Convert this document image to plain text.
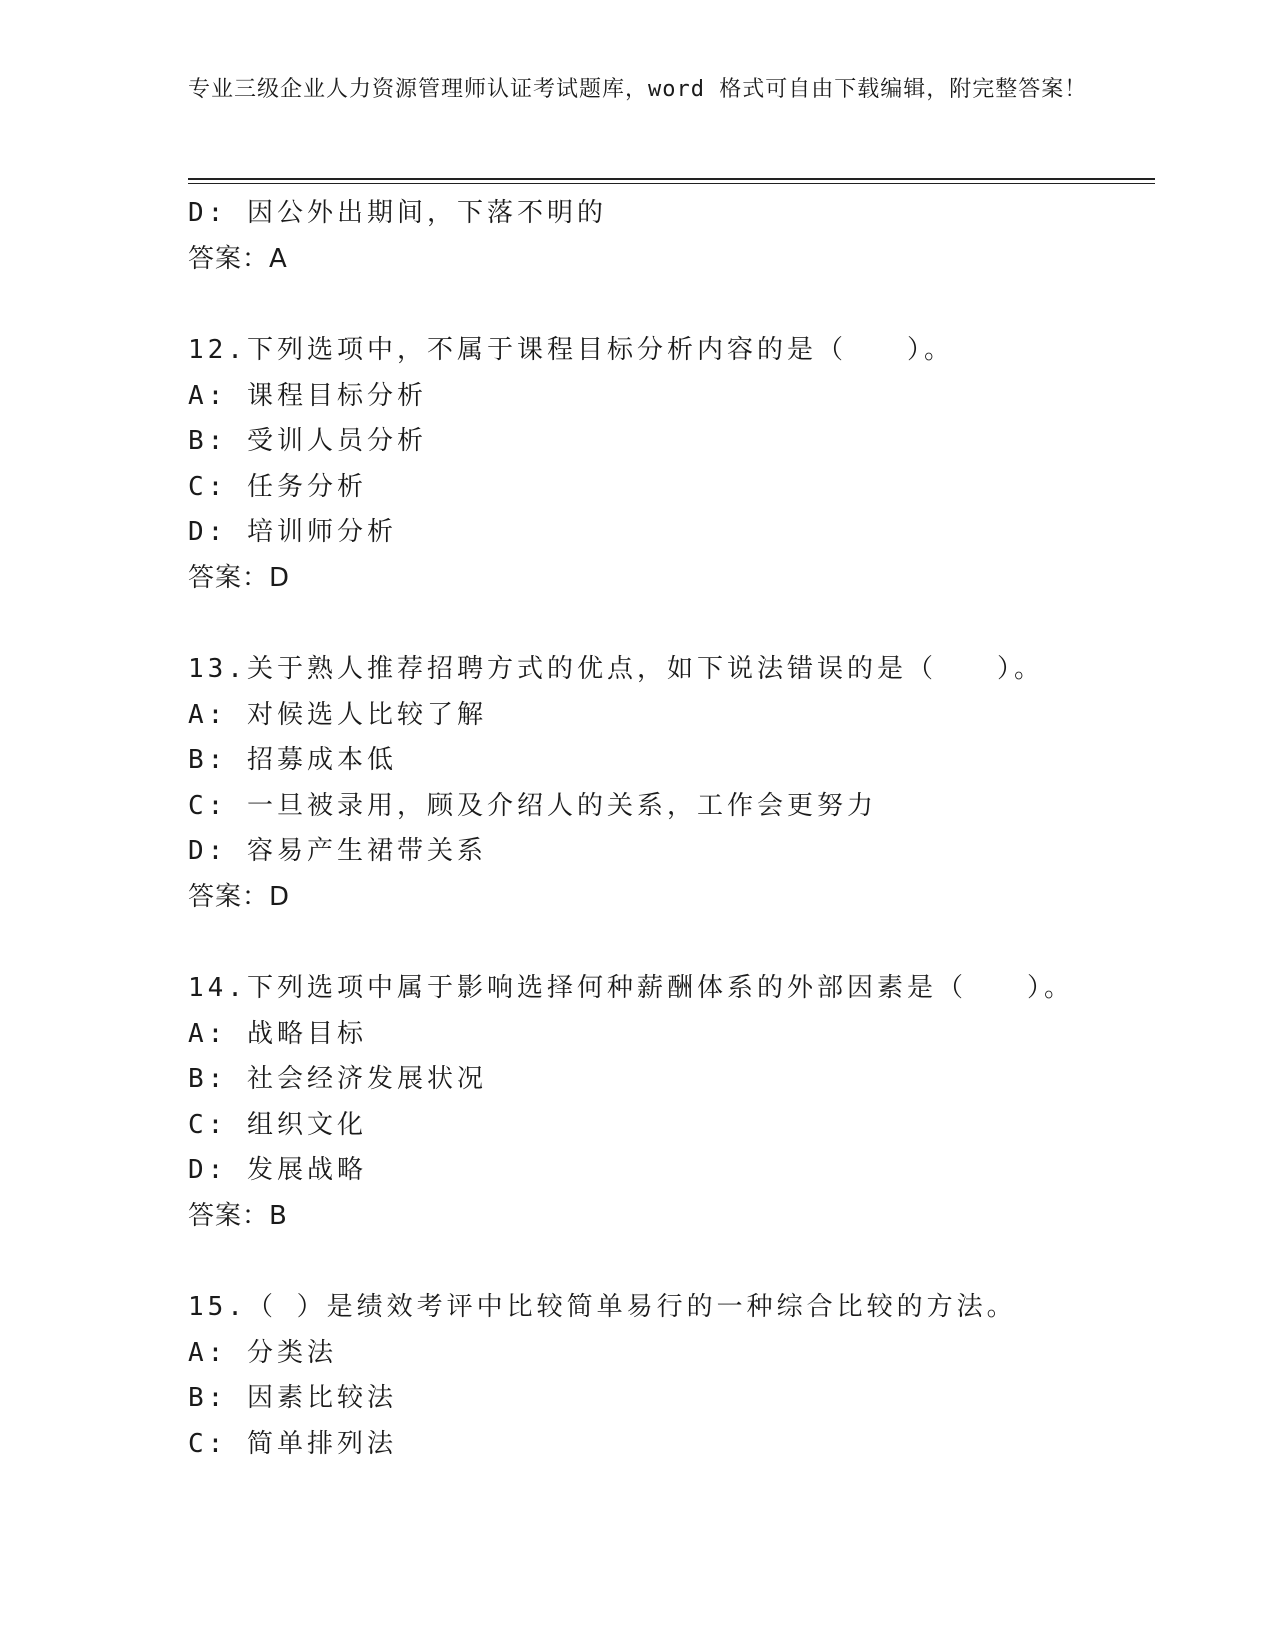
专业三级企业人力资源管理师认证考试题库，word 格式可自由下载编辑，附完整答案！
D: 因公外出期间，下落不明的
答案：A
12.下列选项中，不属于课程目标分析内容的是（　　）。
A: 课程目标分析
B: 受训人员分析
C: 任务分析
D: 培训师分析
答案：D
13.关于熟人推荐招聘方式的优点，如下说法错误的是（　　）。
A: 对候选人比较了解
B: 招募成本低
C: 一旦被录用，顾及介绍人的关系，工作会更努力
D: 容易产生裙带关系
答案：D
14.下列选项中属于影响选择何种薪酬体系的外部因素是（　　）。
A: 战略目标
B: 社会经济发展状况
C: 组织文化
D: 发展战略
答案：B
15.（ ）是绩效考评中比较简单易行的一种综合比较的方法。
A: 分类法
B: 因素比较法
C: 简单排列法
